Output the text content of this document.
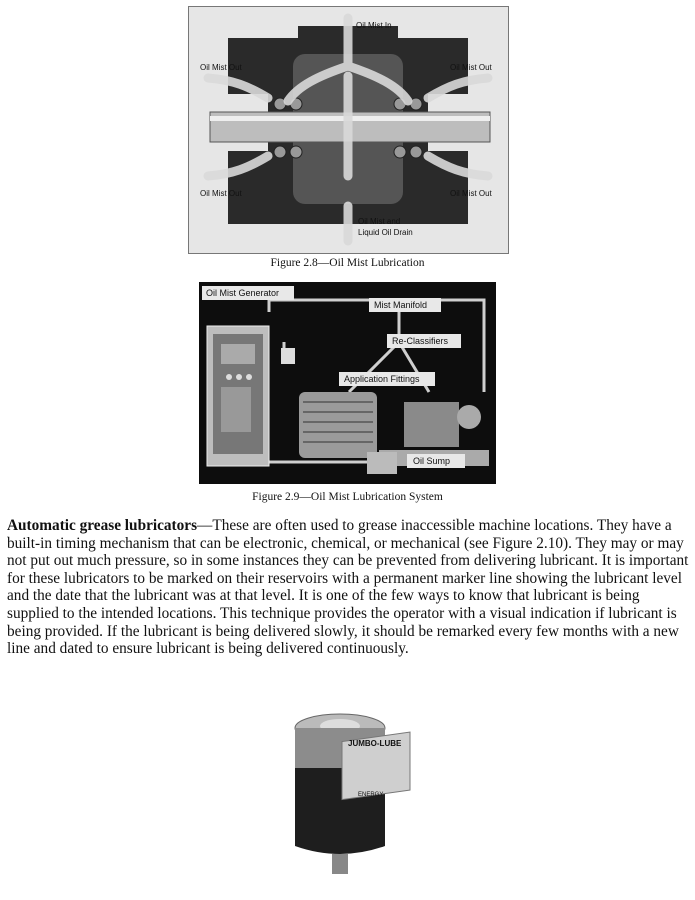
Oil Mist In
Oil Mist Out	Oil Mist Out
Oil Mist Out	Oil Mist Out
Oil Mist and
Liquid Oil Drain
Figure 2.8—Oil Mist Lubrication
Oil Mist Generator
Mist Manifold
Re-Classifiers
Application Fittings
Oil Sump
Figure 2.9—Oil Mist Lubrication System
Automatic grease lubricators—These are often used to grease inaccessible machine locations. They have a built-in timing mechanism that can be electronic, chemical, or mechanical (see Figure 2.10). They may or may not put out much pressure, so in some instances they can be prevented from delivering lubricant. It is important for these lubricators to be marked on their reservoirs with a permanent marker line showing the lubricant level and the date that the lubricant was at that level. It is one of the few ways to know that lubricant is being supplied to the intended locations. This technique provides the operator with a visual indication if lubricant is being provided. If the lubricant is being delivered slowly, it should be remarked every few months with a new line and dated to ensure lubricant is being delivered continuously.
JUMBO-LUBE
ENERGY
